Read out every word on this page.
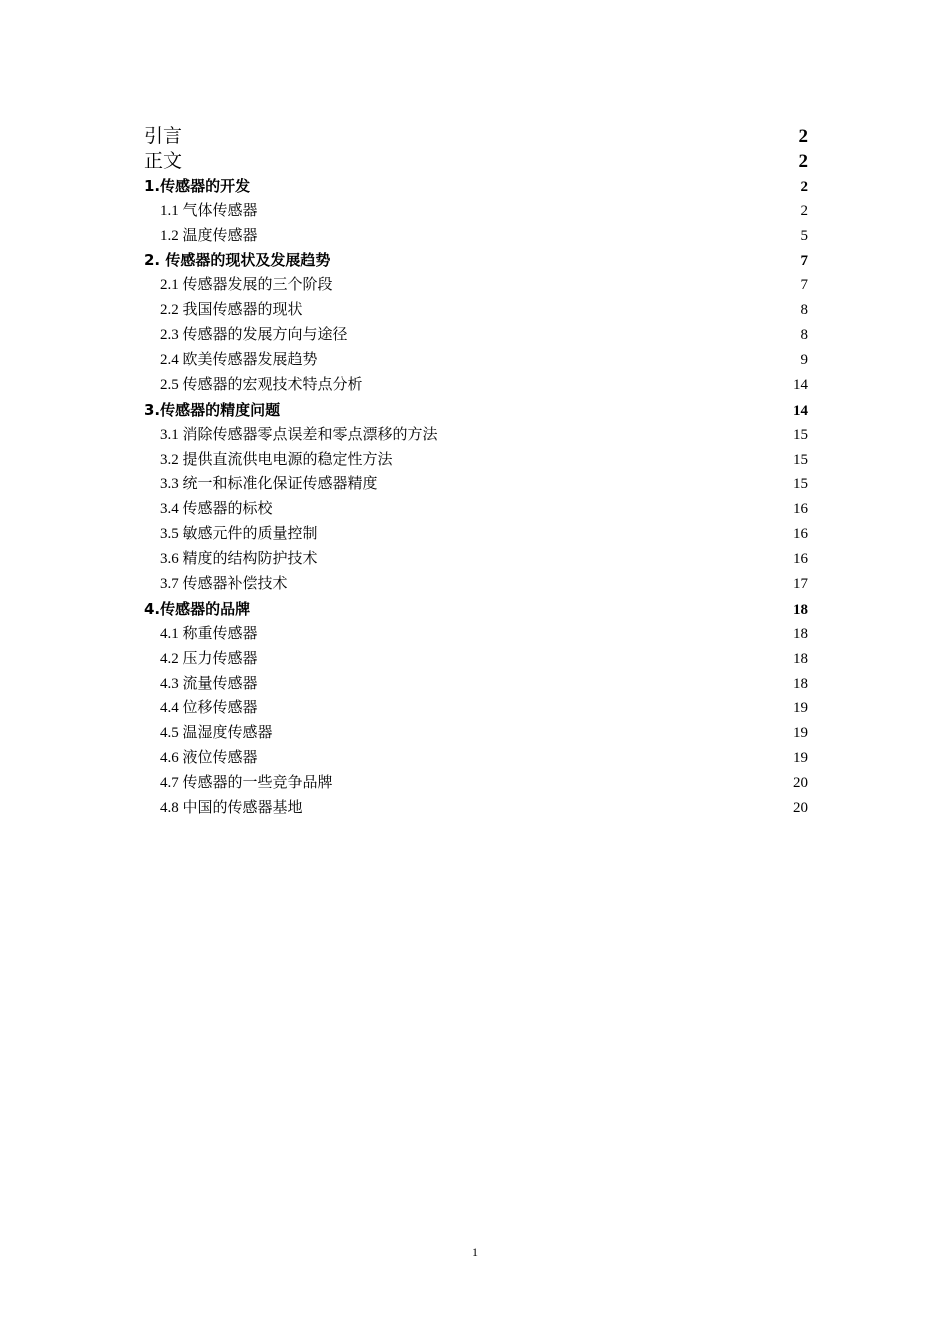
引言	2
正文	2
1.传感器的开发	2
1.1 气体传感器	2
1.2 温度传感器	5
2. 传感器的现状及发展趋势	7
2.1 传感器发展的三个阶段	7
2.2 我国传感器的现状	8
2.3 传感器的发展方向与途径	8
2.4 欧美传感器发展趋势	9
2.5 传感器的宏观技术特点分析	14
3.传感器的精度问题	14
3.1 消除传感器零点误差和零点漂移的方法	15
3.2 提供直流供电电源的稳定性方法	15
3.3 统一和标准化保证传感器精度	15
3.4 传感器的标校	16
3.5 敏感元件的质量控制	16
3.6 精度的结构防护技术	16
3.7 传感器补偿技术	17
4.传感器的品牌	18
4.1 称重传感器	18
4.2 压力传感器	18
4.3 流量传感器	18
4.4 位移传感器	19
4.5 温湿度传感器	19
4.6 液位传感器	19
4.7 传感器的一些竞争品牌	20
4.8 中国的传感器基地	20
1
